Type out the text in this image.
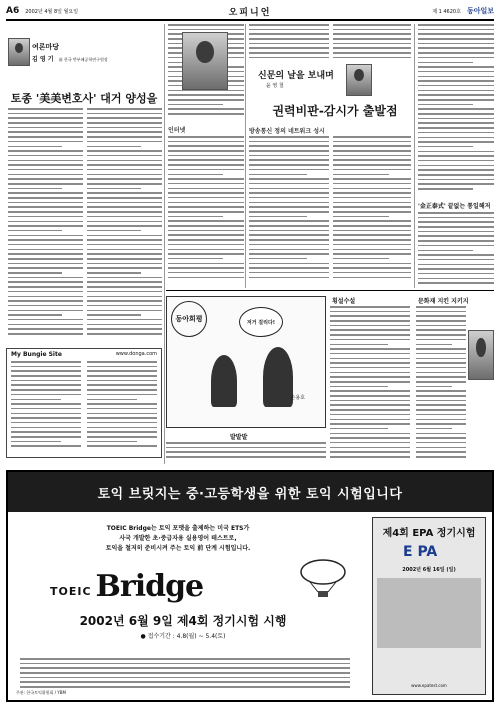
A6 2002년 4월 8일 월요일	오피니언	제 1 4620호 동아일보
여론마당
김 영 기 前 한국 반부패공학연구원장
토종 '美美변호사' 대거 양성을
인터넷	방송통신 정의 네트워크 성시
신문의 날을 보내며
윤 영 철
권력비판-감시가 출발점
'金正泰式' 끝없는 통일해저
My Bungie Site	www.donga.com
동아희평	저거 걸리다!
손용호
횡설수설	문화재 지킨 지키지
발발발
토익 브릿지는 중·고등학생을 위한 토익 시험입니다
TOEIC Bridge는 토익 포맷을 출제하는 미국 ETS가
사국 개발한 초·중급자용 실용영어 테스트로,
토익을 철저히 준비시켜 주는 토익 前 단계 시험입니다.
TOEIC Bridge
2002년 6월 9일 제4회 정기시험 시행
● 접수기간 : 4.8(월) ~ 5.4(토)
제4회 EPA 정기시험
E PA
2002년 6월 16일 (일)
www.epatest.com
주관: 한국토익위원회 / YBM
